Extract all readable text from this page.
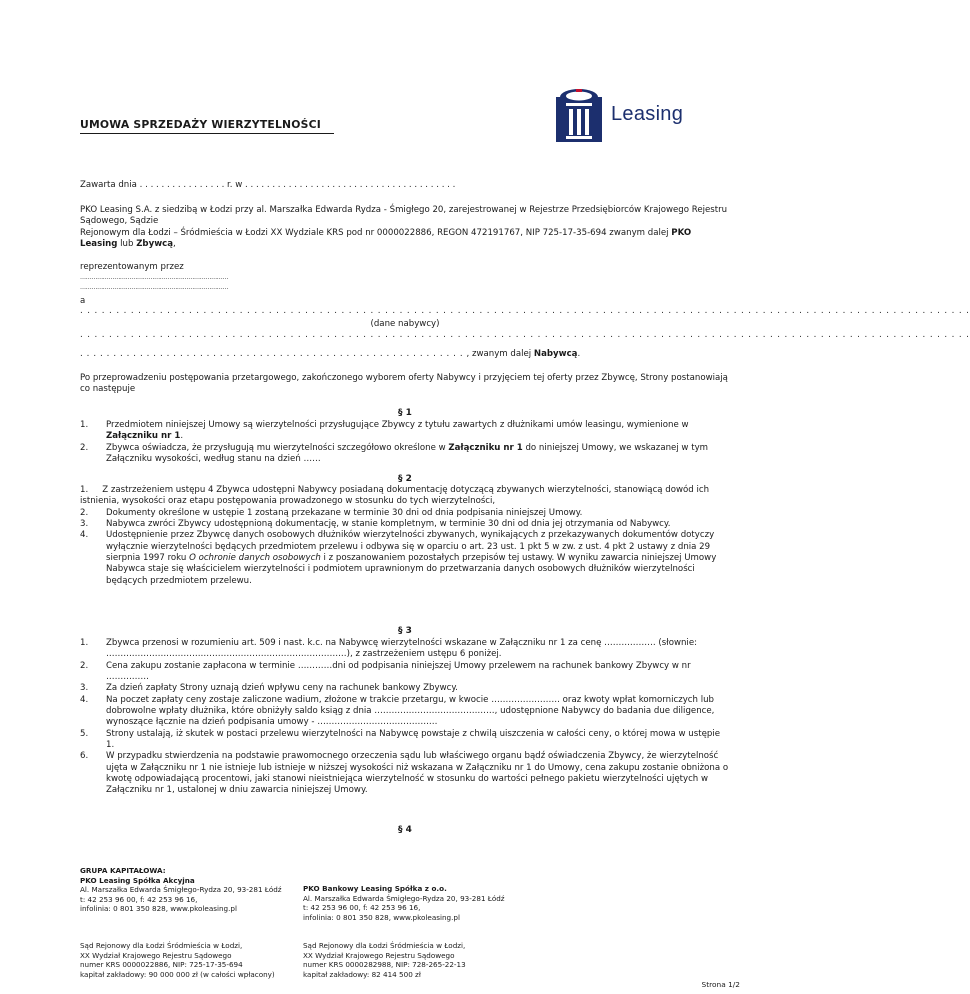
Leasing
UMOWA SPRZEDAŻY WIERZYTELNOŚCI
Zawarta dnia . . . . . . . . . . . . . . . . r. w . . . . . . . . . . . . . . . . . . . . . . . . . . . . . . . . . . . . . . .
PKO Leasing S.A. z siedzibą w Łodzi przy al. Marszałka Edwarda Rydza - Śmigłego 20, zarejestrowanej w Rejestrze Przedsiębiorców Krajowego Rejestru Sądowego, Sądzie
Rejonowym dla Łodzi – Śródmieścia w Łodzi XX Wydziale KRS pod nr 0000022886, REGON 472191767, NIP 725-17-35-694 zwanym dalej PKO Leasing lub Zbywcą,
reprezentowanym przez
……………………………………………………………………
……………………………………………………………………
a
. . . . . . . . . . . . . . . . . . . . . . . . . . . . . . . . . . . . . . . . . . . . . . . . . . . . . . . . . . . . . . . . . . . . . . . . . . . . . . . . . . . . . . . . . . . . . . . . . . . . . . . . . . . . . . . . . . . . . . . . . . .
(dane nabywcy)
. . . . . . . . . . . . . . . . . . . . . . . . . . . . . . . . . . . . . . . . . . . . . . . . . . . . . . . . . . . . . . . . . . . . . . . . . . . . . . . . . . . . . . . . . . . . . . . . . . . . . . . . . . . . . . . . . . . . . . . . . . .
. . . . . . . . . . . . . . . . . . . . . . . . . . . . . . . . . . . . . . . . . . . . . . . . . . . . . . . . . . , zwanym dalej Nabywcą.
Po przeprowadzeniu postępowania przetargowego, zakończonego wyborem oferty Nabywcy i przyjęciem tej oferty przez Zbywcę, Strony postanowiają co następuje
§ 1
1. Przedmiotem niniejszej Umowy są wierzytelności przysługujące Zbywcy z tytułu zawartych z dłużnikami umów leasingu, wymienione w Załączniku nr 1.
2. Zbywca oświadcza, że przysługują mu wierzytelności szczegółowo określone w Załączniku nr 1 do niniejszej Umowy, we wskazanej w tym Załączniku wysokości, według stanu na dzień ……
§ 2
1. Z zastrzeżeniem ustępu 4 Zbywca udostępni Nabywcy posiadaną dokumentację dotyczącą zbywanych wierzytelności, stanowiącą dowód ich istnienia, wysokości oraz etapu postępowania prowadzonego w stosunku do tych wierzytelności,
2. Dokumenty określone w ustępie 1 zostaną przekazane w terminie 30 dni od dnia podpisania niniejszej Umowy.
3. Nabywca zwróci Zbywcy udostępnioną dokumentację, w stanie kompletnym, w terminie 30 dni od dnia jej otrzymania od Nabywcy.
4. Udostępnienie przez Zbywcę danych osobowych dłużników wierzytelności zbywanych, wynikających z przekazywanych dokumentów dotyczy wyłącznie wierzytelności będących przedmiotem przelewu i odbywa się w oparciu o art. 23 ust. 1 pkt 5 w zw. z ust. 4 pkt 2 ustawy z dnia 29 sierpnia 1997 roku O ochronie danych osobowych i z poszanowaniem pozostałych przepisów tej ustawy. W wyniku zawarcia niniejszej Umowy Nabywca staje się właścicielem wierzytelności i podmiotem uprawnionym do przetwarzania danych osobowych dłużników wierzytelności będących przedmiotem przelewu.
§ 3
1. Zbywca przenosi w rozumieniu art. 509 i nast. k.c. na Nabywcę wierzytelności wskazane w Załączniku nr 1 za cenę ……………… (słownie: …………………………………………………………………………), z zastrzeżeniem ustępu 6 poniżej.
2. Cena zakupu zostanie zapłacona w terminie …………dni od podpisania niniejszej Umowy przelewem na rachunek bankowy Zbywcy w nr ……………
3. Za dzień zapłaty Strony uznają dzień wpływu ceny na rachunek bankowy Zbywcy.
4. Na poczet zapłaty ceny zostaje zaliczone wadium, złożone w trakcie przetargu, w kwocie …………………… oraz kwoty wpłat komorniczych lub dobrowolne wpłaty dłużnika, które obniżyły saldo ksiąg z dnia ……………………………………, udostępnione Nabywcy do badania due diligence, wynoszące łącznie na dzień podpisania umowy - ……………………………………
5. Strony ustalają, iż skutek w postaci przelewu wierzytelności na Nabywcę powstaje z chwilą uiszczenia w całości ceny, o której mowa w ustępie 1.
6. W przypadku stwierdzenia na podstawie prawomocnego orzeczenia sądu lub właściwego organu bądź oświadczenia Zbywcy, że wierzytelność ujęta w Załączniku nr 1 nie istnieje lub istnieje w niższej wysokości niż wskazana w Załączniku nr 1 do Umowy, cena zakupu zostanie obniżona o kwotę odpowiadającą procentowi, jaki stanowi nieistniejąca wierzytelność w stosunku do wartości pełnego pakietu wierzytelności ujętych w Załączniku nr 1, ustalonej w dniu zawarcia niniejszej Umowy.
§ 4
GRUPA KAPITAŁOWA:
PKO Leasing Spółka Akcyjna
Al. Marszałka Edwarda Śmigłego-Rydza 20, 93-281 Łódź
t: 42 253 96 00, f: 42 253 96 16,
infolinia: 0 801 350 828, www.pkoleasing.pl
PKO Bankowy Leasing Spółka z o.o.
Al. Marszałka Edwarda Śmigłego-Rydza 20, 93-281 Łódź
t: 42 253 96 00, f: 42 253 96 16,
infolinia: 0 801 350 828, www.pkoleasing.pl
Sąd Rejonowy dla Łodzi Śródmieścia w Łodzi,
XX Wydział Krajowego Rejestru Sądowego
numer KRS 0000022886, NIP: 725-17-35-694
kapitał zakładowy: 90 000 000 zł (w całości wpłacony)
Sąd Rejonowy dla Łodzi Śródmieścia w Łodzi,
XX Wydział Krajowego Rejestru Sądowego
numer KRS 0000282988, NIP: 728-265-22-13
kapitał zakładowy: 82 414 500 zł
Strona 1/2
